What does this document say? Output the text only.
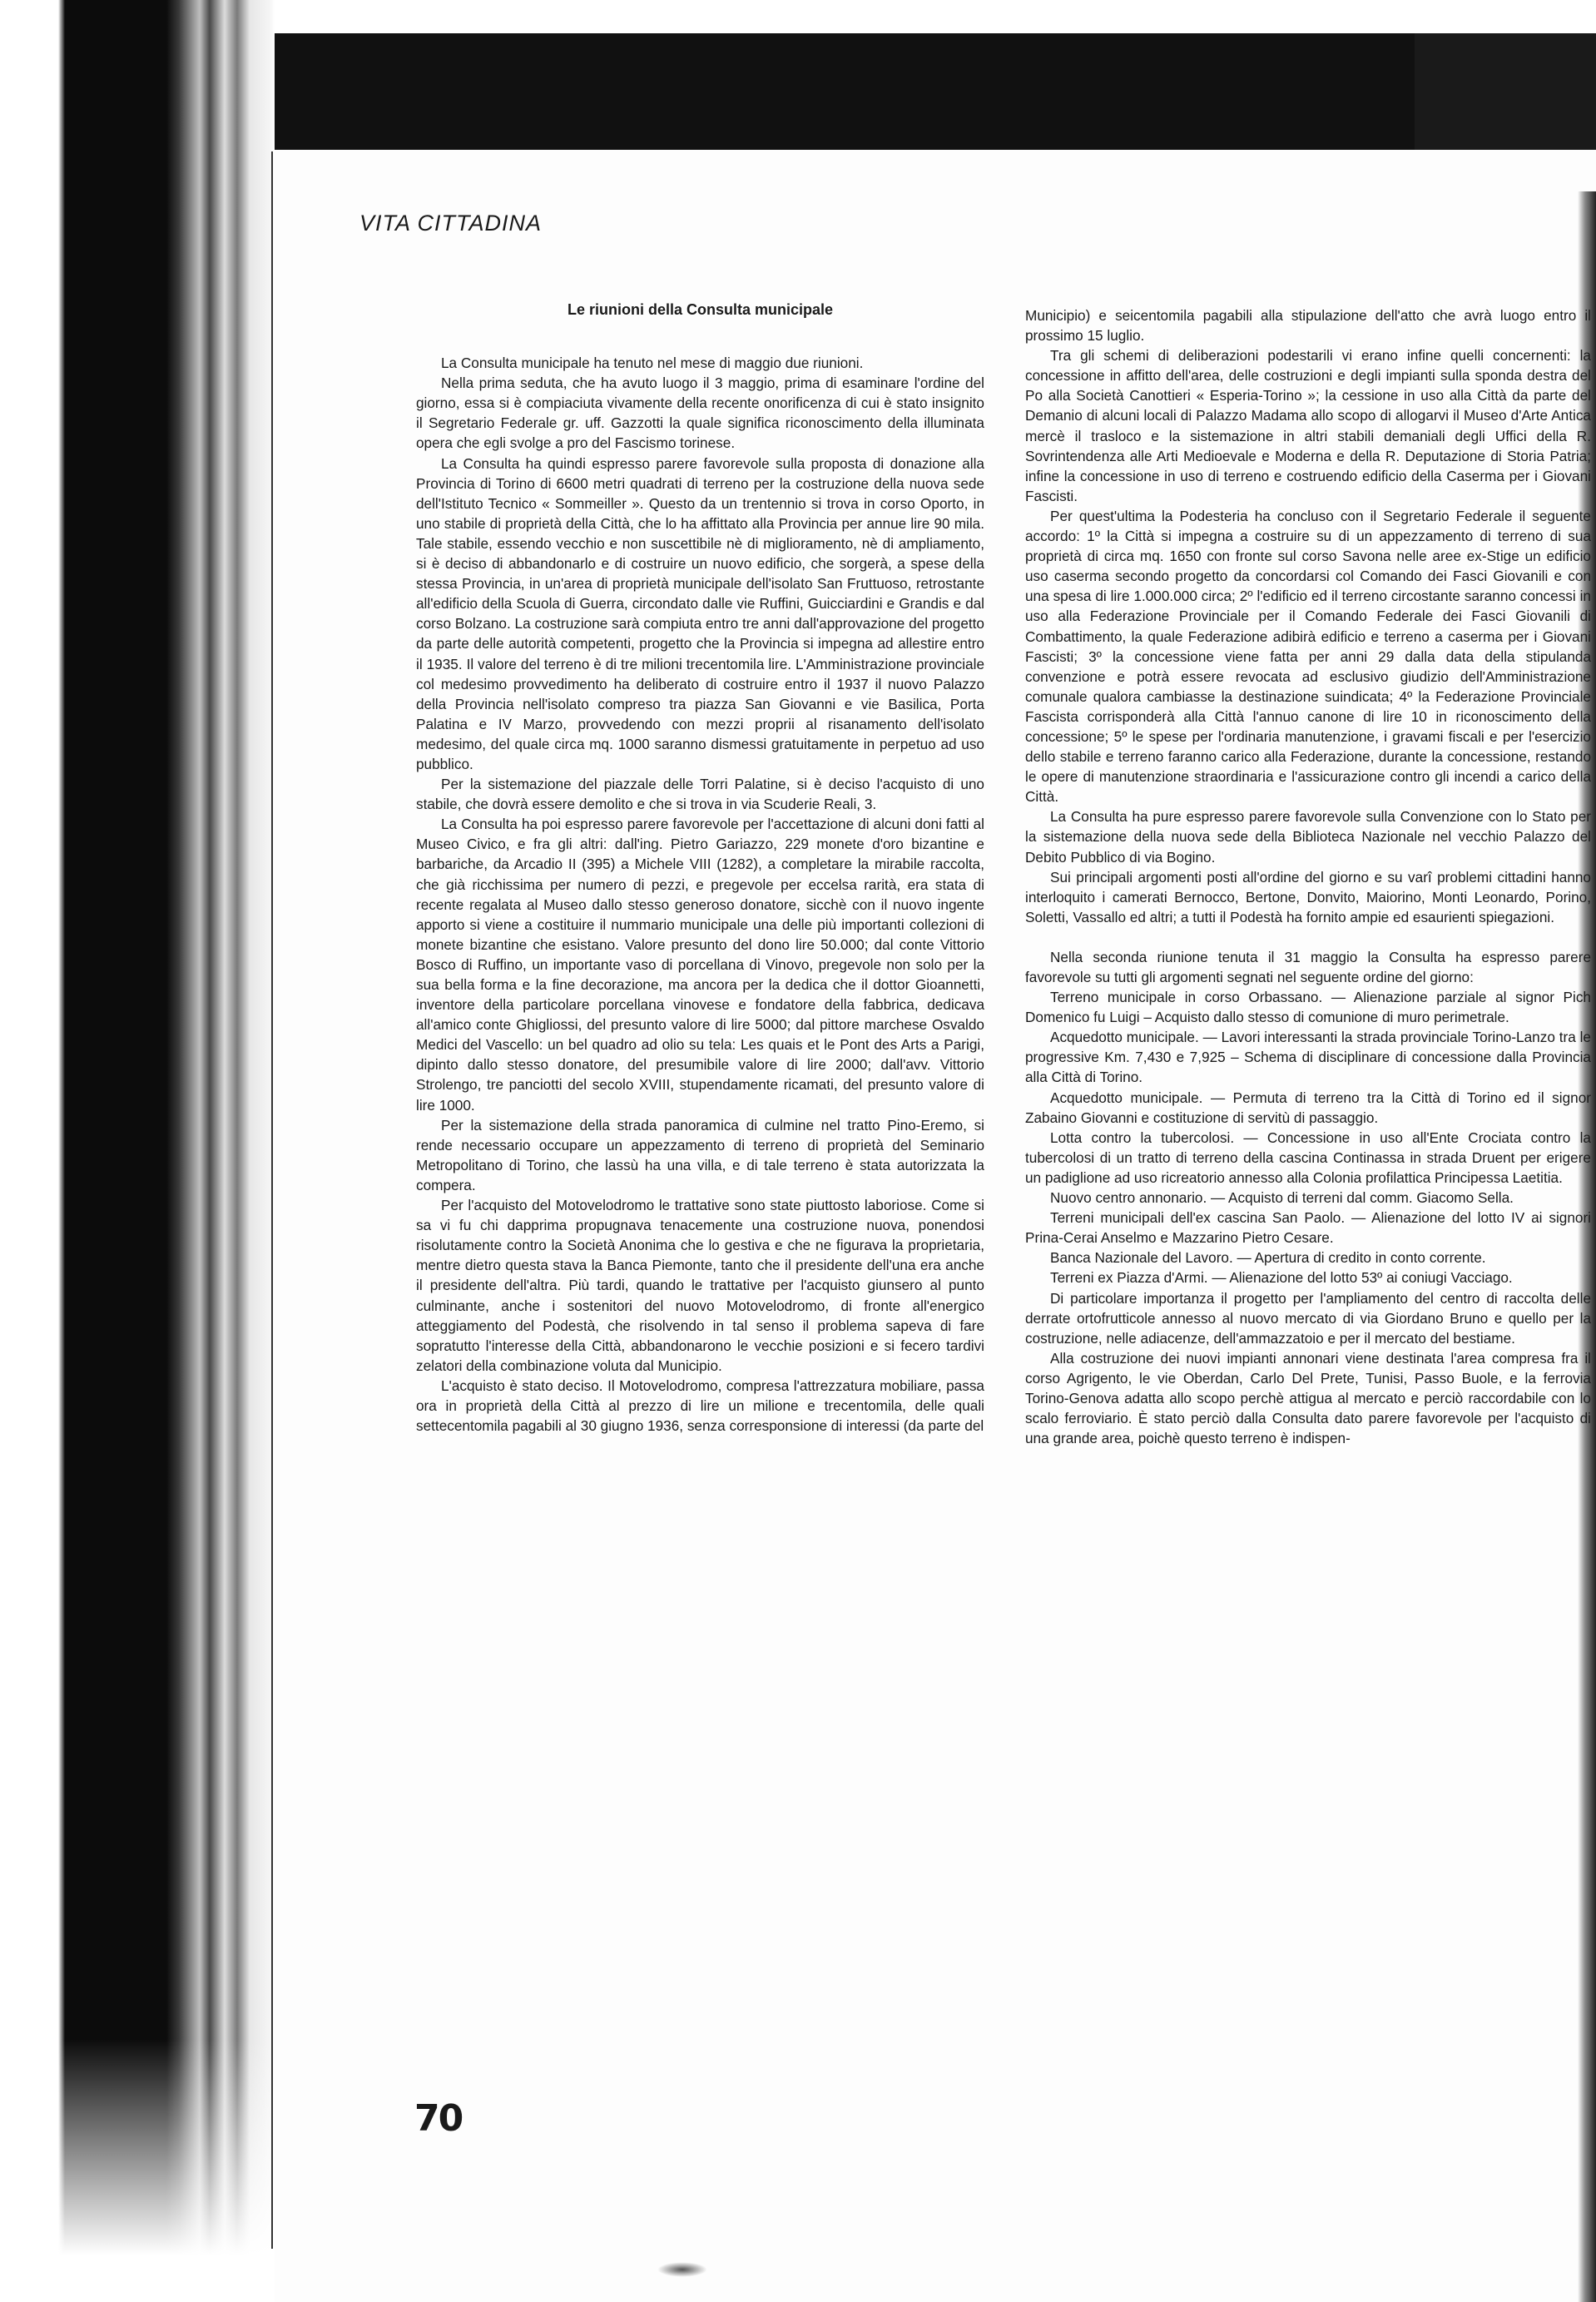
VITA CITTADINA

Le riunioni della Consulta municipale

La Consulta municipale ha tenuto nel mese di maggio due riunioni.

Nella prima seduta, che ha avuto luogo il 3 maggio, prima di esaminare l'ordine del giorno, essa si è compiaciuta vivamente della recente onorificenza di cui è stato insignito il Segretario Federale gr. uff. Gazzotti la quale significa riconoscimento della illuminata opera che egli svolge a pro del Fascismo torinese.

La Consulta ha quindi espresso parere favorevole sulla proposta di donazione alla Provincia di Torino di 6600 metri quadrati di terreno per la costruzione della nuova sede dell'Istituto Tecnico « Sommeiller ». Questo da un trentennio si trova in corso Oporto, in uno stabile di proprietà della Città, che lo ha affittato alla Provincia per annue lire 90 mila. Tale stabile, essendo vecchio e non suscettibile nè di miglioramento, nè di ampliamento, si è deciso di abbandonarlo e di costruire un nuovo edificio, che sorgerà, a spese della stessa Provincia, in un'area di proprietà municipale dell'isolato San Fruttuoso, retrostante all'edificio della Scuola di Guerra, circondato dalle vie Ruffini, Guicciardini e Grandis e dal corso Bolzano. La costruzione sarà compiuta entro tre anni dall'approvazione del progetto da parte delle autorità competenti, progetto che la Provincia si impegna ad allestire entro il 1935. Il valore del terreno è di tre milioni trecentomila lire. L'Amministrazione provinciale col medesimo provvedimento ha deliberato di costruire entro il 1937 il nuovo Palazzo della Provincia nell'isolato compreso tra piazza San Giovanni e vie Basilica, Porta Palatina e IV Marzo, provvedendo con mezzi proprii al risanamento dell'isolato medesimo, del quale circa mq. 1000 saranno dismessi gratuitamente in perpetuo ad uso pubblico.

Per la sistemazione del piazzale delle Torri Palatine, si è deciso l'acquisto di uno stabile, che dovrà essere demolito e che si trova in via Scuderie Reali, 3.

La Consulta ha poi espresso parere favorevole per l'accettazione di alcuni doni fatti al Museo Civico, e fra gli altri: dall'ing. Pietro Gariazzo, 229 monete d'oro bizantine e barbariche, da Arcadio II (395) a Michele VIII (1282), a completare la mirabile raccolta, che già ricchissima per numero di pezzi, e pregevole per eccelsa rarità, era stata di recente regalata al Museo dallo stesso generoso donatore, sicchè con il nuovo ingente apporto si viene a costituire il nummario municipale una delle più importanti collezioni di monete bizantine che esistano. Valore presunto del dono lire 50.000; dal conte Vittorio Bosco di Ruffino, un importante vaso di porcellana di Vinovo, pregevole non solo per la sua bella forma e la fine decorazione, ma ancora per la dedica che il dottor Gioannetti, inventore della particolare porcellana vinovese e fondatore della fabbrica, dedicava all'amico conte Ghigliossi, del presunto valore di lire 5000; dal pittore marchese Osvaldo Medici del Vascello: un bel quadro ad olio su tela: Les quais et le Pont des Arts a Parigi, dipinto dallo stesso donatore, del presumibile valore di lire 2000; dall'avv. Vittorio Strolengo, tre panciotti del secolo XVIII, stupendamente ricamati, del presunto valore di lire 1000.

Per la sistemazione della strada panoramica di culmine nel tratto Pino-Eremo, si rende necessario occupare un appezzamento di terreno di proprietà del Seminario Metropolitano di Torino, che lassù ha una villa, e di tale terreno è stata autorizzata la compera.

Per l'acquisto del Motovelodromo le trattative sono state piuttosto laboriose. Come si sa vi fu chi dapprima propugnava tenacemente una costruzione nuova, ponendosi risolutamente contro la Società Anonima che lo gestiva e che ne figurava la proprietaria, mentre dietro questa stava la Banca Piemonte, tanto che il presidente dell'una era anche il presidente dell'altra. Più tardi, quando le trattative per l'acquisto giunsero al punto culminante, anche i sostenitori del nuovo Motovelodromo, di fronte all'energico atteggiamento del Podestà, che risolvendo in tal senso il problema sapeva di fare sopratutto l'interesse della Città, abbandonarono le vecchie posizioni e si fecero tardivi zelatori della combinazione voluta dal Municipio.

L'acquisto è stato deciso. Il Motovelodromo, compresa l'attrezzatura mobiliare, passa ora in proprietà della Città al prezzo di lire un milione e trecentomila, delle quali settecentomila pagabili al 30 giugno 1936, senza corresponsione di interessi (da parte del

Municipio) e seicentomila pagabili alla stipulazione dell'atto che avrà luogo entro il prossimo 15 luglio.

Tra gli schemi di deliberazioni podestarili vi erano infine quelli concernenti: la concessione in affitto dell'area, delle costruzioni e degli impianti sulla sponda destra del Po alla Società Canottieri « Esperia-Torino »; la cessione in uso alla Città da parte del Demanio di alcuni locali di Palazzo Madama allo scopo di allogarvi il Museo d'Arte Antica mercè il trasloco e la sistemazione in altri stabili demaniali degli Uffici della R. Sovrintendenza alle Arti Medioevale e Moderna e della R. Deputazione di Storia Patria; infine la concessione in uso di terreno e costruendo edificio della Caserma per i Giovani Fascisti.

Per quest'ultima la Podesteria ha concluso con il Segretario Federale il seguente accordo: 1º la Città si impegna a costruire su di un appezzamento di terreno di sua proprietà di circa mq. 1650 con fronte sul corso Savona nelle aree ex-Stige un edificio uso caserma secondo progetto da concordarsi col Comando dei Fasci Giovanili e con una spesa di lire 1.000.000 circa; 2º l'edificio ed il terreno circostante saranno concessi in uso alla Federazione Provinciale per il Comando Federale dei Fasci Giovanili di Combattimento, la quale Federazione adibirà edificio e terreno a caserma per i Giovani Fascisti; 3º la concessione viene fatta per anni 29 dalla data della stipulanda convenzione e potrà essere revocata ad esclusivo giudizio dell'Amministrazione comunale qualora cambiasse la destinazione suindicata; 4º la Federazione Provinciale Fascista corrisponderà alla Città l'annuo canone di lire 10 in riconoscimento della concessione; 5º le spese per l'ordinaria manutenzione, i gravami fiscali e per l'esercizio dello stabile e terreno faranno carico alla Federazione, durante la concessione, restando le opere di manutenzione straordinaria e l'assicurazione contro gli incendi a carico della Città.

La Consulta ha pure espresso parere favorevole sulla Convenzione con lo Stato per la sistemazione della nuova sede della Biblioteca Nazionale nel vecchio Palazzo del Debito Pubblico di via Bogino.

Sui principali argomenti posti all'ordine del giorno e su varî problemi cittadini hanno interloquito i camerati Bernocco, Bertone, Donvito, Maiorino, Monti Leonardo, Porino, Soletti, Vassallo ed altri; a tutti il Podestà ha fornito ampie ed esaurienti spiegazioni.

Nella seconda riunione tenuta il 31 maggio la Consulta ha espresso parere favorevole su tutti gli argomenti segnati nel seguente ordine del giorno:

Terreno municipale in corso Orbassano. — Alienazione parziale al signor Pich Domenico fu Luigi – Acquisto dallo stesso di comunione di muro perimetrale.

Acquedotto municipale. — Lavori interessanti la strada provinciale Torino-Lanzo tra le progressive Km. 7,430 e 7,925 – Schema di disciplinare di concessione dalla Provincia alla Città di Torino.

Acquedotto municipale. — Permuta di terreno tra la Città di Torino ed il signor Zabaino Giovanni e costituzione di servitù di passaggio.

Lotta contro la tubercolosi. — Concessione in uso all'Ente Crociata contro la tubercolosi di un tratto di terreno della cascina Continassa in strada Druent per erigere un padiglione ad uso ricreatorio annesso alla Colonia profilattica Principessa Laetitia.

Nuovo centro annonario. — Acquisto di terreni dal comm. Giacomo Sella.

Terreni municipali dell'ex cascina San Paolo. — Alienazione del lotto IV ai signori Prina-Cerai Anselmo e Mazzarino Pietro Cesare.

Banca Nazionale del Lavoro. — Apertura di credito in conto corrente.

Terreni ex Piazza d'Armi. — Alienazione del lotto 53º ai coniugi Vacciago.

Di particolare importanza il progetto per l'ampliamento del centro di raccolta delle derrate ortofrutticole annesso al nuovo mercato di via Giordano Bruno e quello per la costruzione, nelle adiacenze, dell'ammazzatoio e per il mercato del bestiame.

Alla costruzione dei nuovi impianti annonari viene destinata l'area compresa fra il corso Agrigento, le vie Oberdan, Carlo Del Prete, Tunisi, Passo Buole, e la ferrovia Torino-Genova adatta allo scopo perchè attigua al mercato e perciò raccordabile con lo scalo ferroviario. È stato perciò dalla Consulta dato parere favorevole per l'acquisto di una grande area, poichè questo terreno è indispen-

70
